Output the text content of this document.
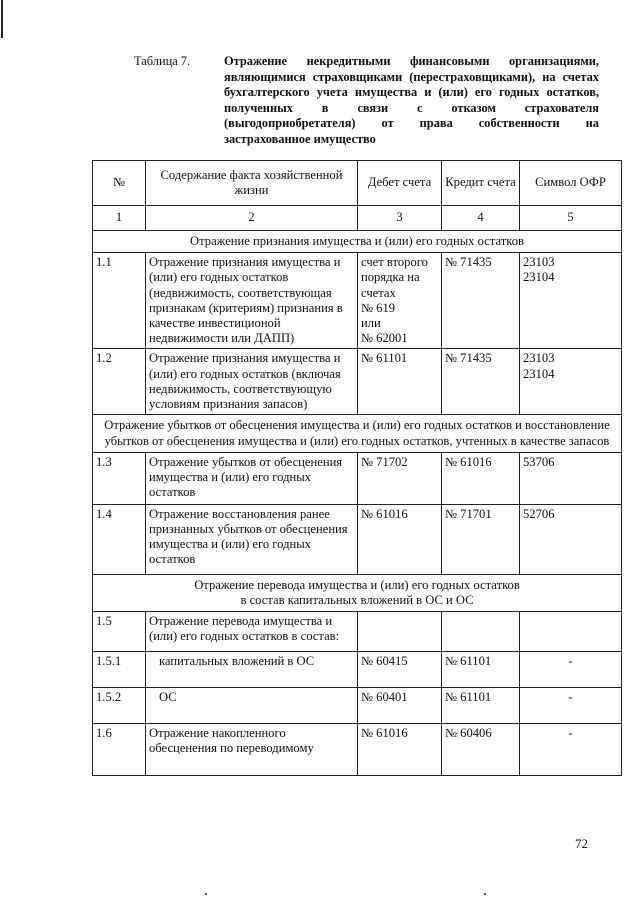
Таблица 7.	Отражение некредитными финансовыми организациями, являющимися страховщиками (перестраховщиками), на счетах бухгалтерского учета имущества и (или) его годных остатков, полученных в связи с отказом страхователя (выгодоприобретателя) от права собственности на
застрахованное имущество
№	Содержание факта хозяйственной жизни	Дебет счета	Кредит счета	Символ ОФР
1	2	3	4	5
Отражение признания имущества и (или) его годных остатков				
1.1	Отражение признания имущества и (или) его годных остатков (недвижимость, соответствующая признакам (критериям) признания в качестве инвестиционой недвижимости или ДАПП)	счет второго порядка на счетах
№ 619
или
№ 62001	№ 71435	23103
23104
1.2	Отражение признания имущества и (или) его годных остатков (включая недвижимость, соответствующую условиям признания запасов)	№ 61101	№ 71435	23103
23104
Отражение убытков от обесценения имущества и (или) его годных остатков и восстановление убытков от обесценения имущества и (или) его годных остатков, учтенных в качестве запасов				
1.3	Отражение убытков от обесценения имущества и (или) его годных остатков	№ 71702	№ 61016	53706
1.4	Отражение восстановления ранее признанных убытков от обесценения имущества и (или) его годных остатков	№ 61016	№ 71701	52706
Отражение перевода имущества и (или) его годных остатков
в состав капитальных вложений в ОС и ОС				
1.5	Отражение перевода имущества и (или) его годных остатков в состав:			
1.5.1	капитальных вложений в ОС	№ 60415	№ 61101	-
1.5.2	ОС	№ 60401	№ 61101	-
1.6	Отражение накопленного обесценения по переводимому	№ 61016	№ 60406	-
72
